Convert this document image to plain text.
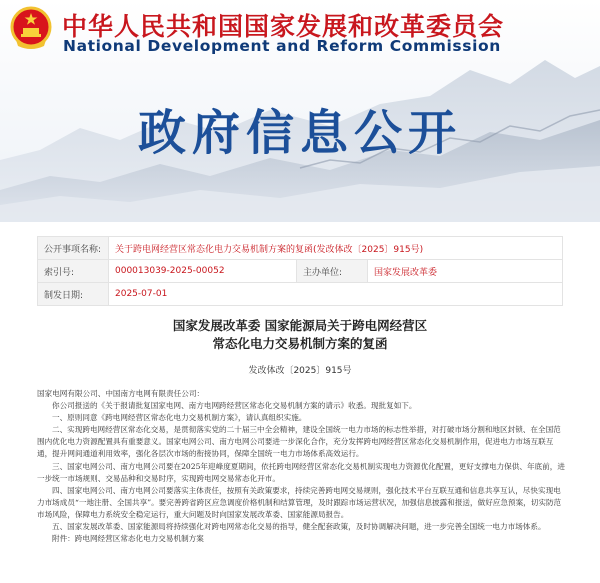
中华人民共和国国家发展和改革委员会
National Development and Reform Commission
政府信息公开
公开事项名称:	关于跨电网经营区常态化电力交易机制方案的复函(发改体改〔2025〕915号)		
索引号:	000013039-2025-00052	主办单位:	国家发展改革委
制发日期:	2025-07-01		
国家发展改革委 国家能源局关于跨电网经营区
常态化电力交易机制方案的复函
发改体改〔2025〕915号

国家电网有限公司、中国南方电网有限责任公司：

你公司报送的《关于报请批复国家电网、南方电网跨经营区常态化交易机制方案的请示》收悉。现批复如下。

一、原则同意《跨电网经营区常态化电力交易机制方案》，请认真组织实施。

二、实现跨电网经营区常态化交易，是贯彻落实党的二十届三中全会精神，建设全国统一电力市场的标志性举措，对打破市场分割和地区封锁、在全国范围内优化电力资源配置具有重要意义。国家电网公司、南方电网公司要进一步深化合作，充分发挥跨电网经营区常态化交易机制作用，促进电力市场互联互通，提升网间通道利用效率，强化各层次市场的衔接协同，保障全国统一电力市场体系高效运行。

三、国家电网公司、南方电网公司要在2025年迎峰度夏期间，依托跨电网经营区常态化交易机制实现电力资源优化配置，更好支撑电力保供、年底前，进一步统一市场规则、交易品种和交易时序，实现跨电网交易常态化开市。

四、国家电网公司、南方电网公司要落实主体责任，按照有关政策要求，持续完善跨电网交易规则，强化技术平台互联互通和信息共享互认，尽快实现电力市场成员“一地注册、全国共享”。要完善跨省跨区应急调度价格机制和结算管理，及时跟踪市场运营状况，加强信息披露和报送，做好应急预案，切实防范市场风险，保障电力系统安全稳定运行，重大问题及时向国家发展改革委、国家能源局报告。

五、国家发展改革委、国家能源局将持续强化对跨电网常态化交易的指导，健全配套政策，及时协调解决问题，进一步完善全国统一电力市场体系。

附件：跨电网经营区常态化电力交易机制方案
